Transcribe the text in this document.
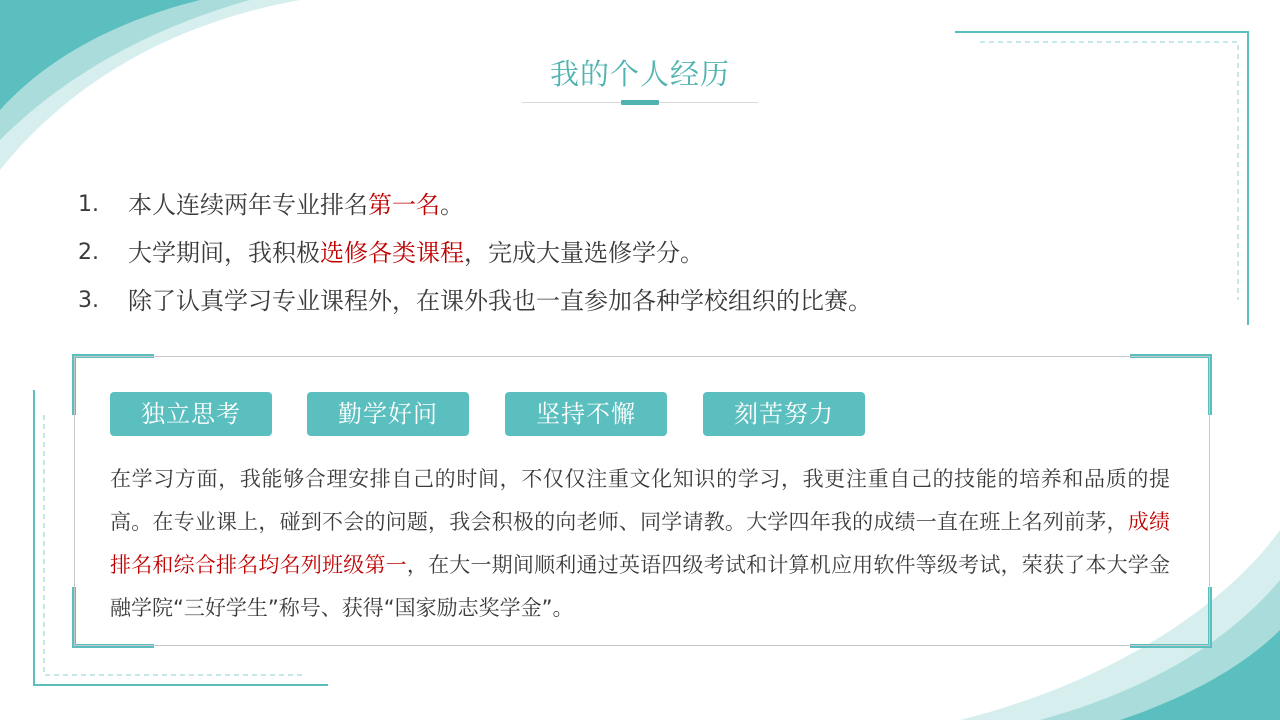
我的个人经历
1.	本人连续两年专业排名第一名。
2.	大学期间，我积极选修各类课程，完成大量选修学分。
3.	除了认真学习专业课程外，在课外我也一直参加各种学校组织的比赛。
独立思考	勤学好问	坚持不懈	刻苦努力

在学习方面，我能够合理安排自己的时间，不仅仅注重文化知识的学习，我更注重自己的技能的培养和品质的提高。在专业课上，碰到不会的问题，我会积极的向老师、同学请教。大学四年我的成绩一直在班上名列前茅，成绩排名和综合排名均名列班级第一，在大一期间顺利通过英语四级考试和计算机应用软件等级考试，荣获了本大学金融学院“三好学生”称号、获得“国家励志奖学金”。
